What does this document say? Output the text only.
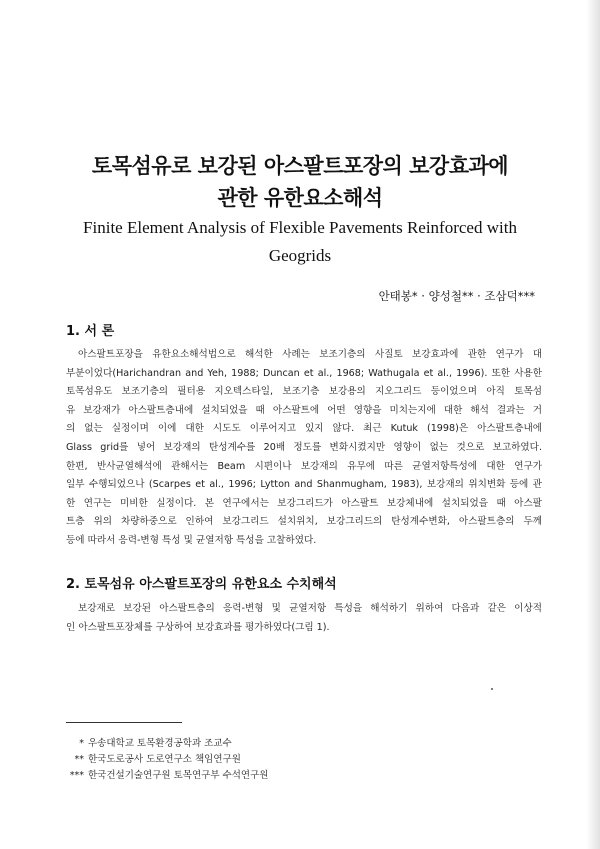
토목섬유로 보강된 아스팔트포장의 보강효과에
관한 유한요소해석
Finite Element Analysis of Flexible Pavements Reinforced with
Geogrids
안태봉* · 양성철** · 조삼덕***
1. 서 론
아스팔트포장을 유한요소해석법으로 해석한 사례는 보조기층의 사질토 보강효과에 관한 연구가 대
부분이었다(Harichandran and Yeh, 1988; Duncan et al., 1968; Wathugala et al., 1996). 또한 사용한
토목섬유도 보조기층의 필터용 지오텍스타일, 보조기층 보강용의 지오그리드 등이었으며 아직 토목섬
유 보강재가 아스팔트층내에 설치되었을 때 아스팔트에 어떤 영향을 미치는지에 대한 해석 결과는 거
의 없는 실정이며 이에 대한 시도도 이루어지고 있지 않다. 최근 Kutuk (1998)은 아스팔트층내에
Glass grid를 넣어 보강재의 탄성계수를 20배 정도를 변화시켰지만 영향이 없는 것으로 보고하였다.
한편, 반사균열해석에 관해서는 Beam 시편이나 보강재의 유무에 따른 균열저항특성에 대한 연구가
일부 수행되었으나 (Scarpes et al., 1996; Lytton and Shanmugham, 1983), 보강재의 위치변화 등에 관
한 연구는 미비한 실정이다. 본 연구에서는 보강그리드가 아스팔트 보강체내에 설치되었을 때 아스팔
트층 위의 차량하중으로 인하여 보강그리드 설치위치, 보강그리드의 탄성계수변화, 아스팔트층의 두께
등에 따라서 응력-변형 특성 및 균열저항 특성을 고찰하였다.
2. 토목섬유 아스팔트포장의 유한요소 수치해석
보강재로 보강된 아스팔트층의 응력-변형 및 균열저항 특성을 해석하기 위하여 다음과 같은 이상적
인 아스팔트포장체를 구상하여 보강효과를 평가하였다(그림 1).
* 우송대학교 토목환경공학과 조교수
** 한국도로공사 도로연구소 책임연구원
*** 한국건설기술연구원 토목연구부 수석연구원
